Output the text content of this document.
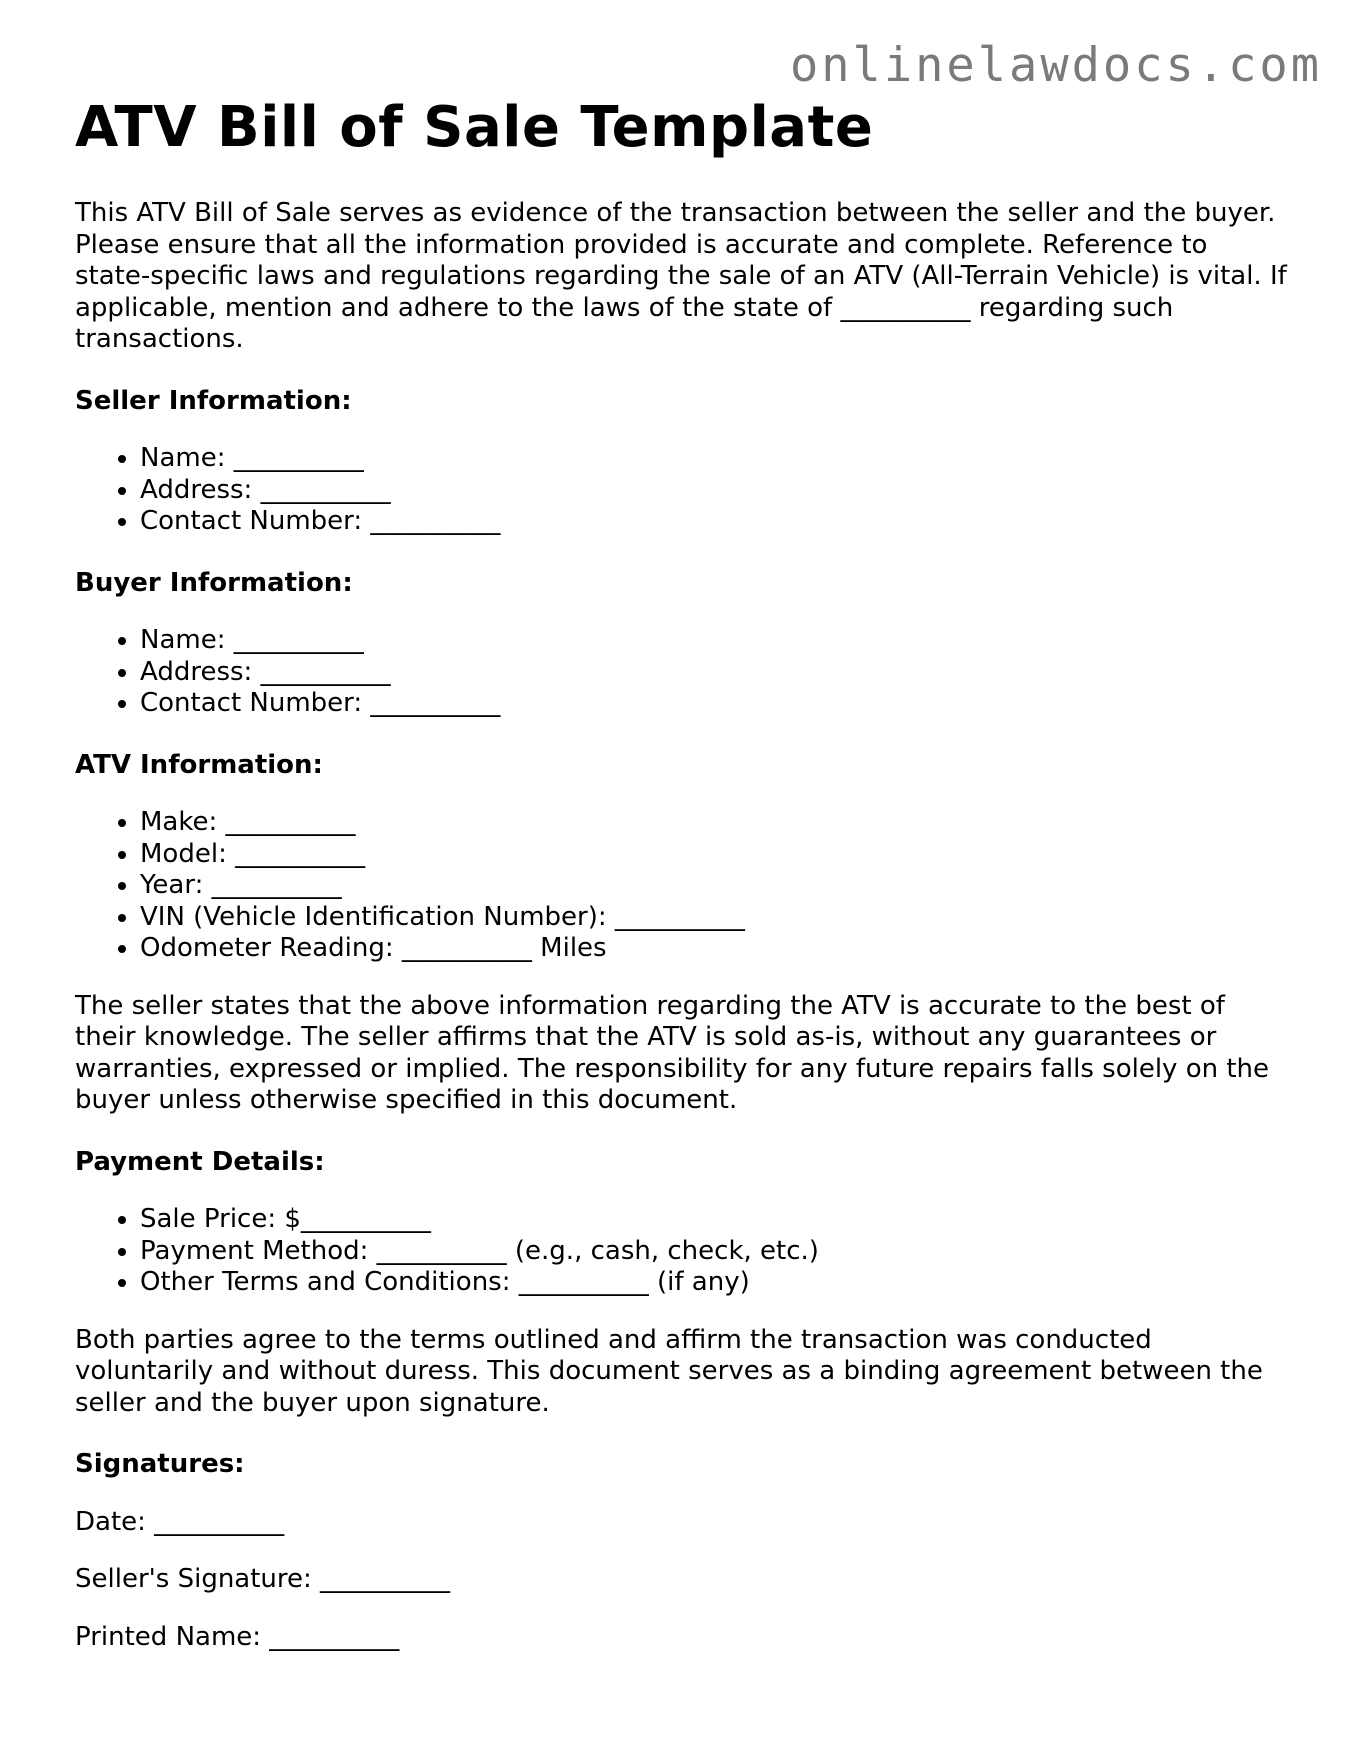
onlinelawdocs.com
ATV Bill of Sale Template

This ATV Bill of Sale serves as evidence of the transaction between the seller and the buyer. Please ensure that all the information provided is accurate and complete. Reference to state-specific laws and regulations regarding the sale of an ATV (All-Terrain Vehicle) is vital. If applicable, mention and adhere to the laws of the state of __________ regarding such transactions.

Seller Information:
• Name: __________
• Address: __________
• Contact Number: __________
Buyer Information:
• Name: __________
• Address: __________
• Contact Number: __________
ATV Information:
• Make: __________
• Model: __________
• Year: __________
• VIN (Vehicle Identification Number): __________
• Odometer Reading: __________ Miles

The seller states that the above information regarding the ATV is accurate to the best of their knowledge. The seller affirms that the ATV is sold as-is, without any guarantees or warranties, expressed or implied. The responsibility for any future repairs falls solely on the buyer unless otherwise specified in this document.

Payment Details:
• Sale Price: $__________
• Payment Method: __________ (e.g., cash, check, etc.)
• Other Terms and Conditions: __________ (if any)

Both parties agree to the terms outlined and affirm the transaction was conducted voluntarily and without duress. This document serves as a binding agreement between the seller and the buyer upon signature.

Signatures:
Date: __________
Seller's Signature: __________
Printed Name: __________
